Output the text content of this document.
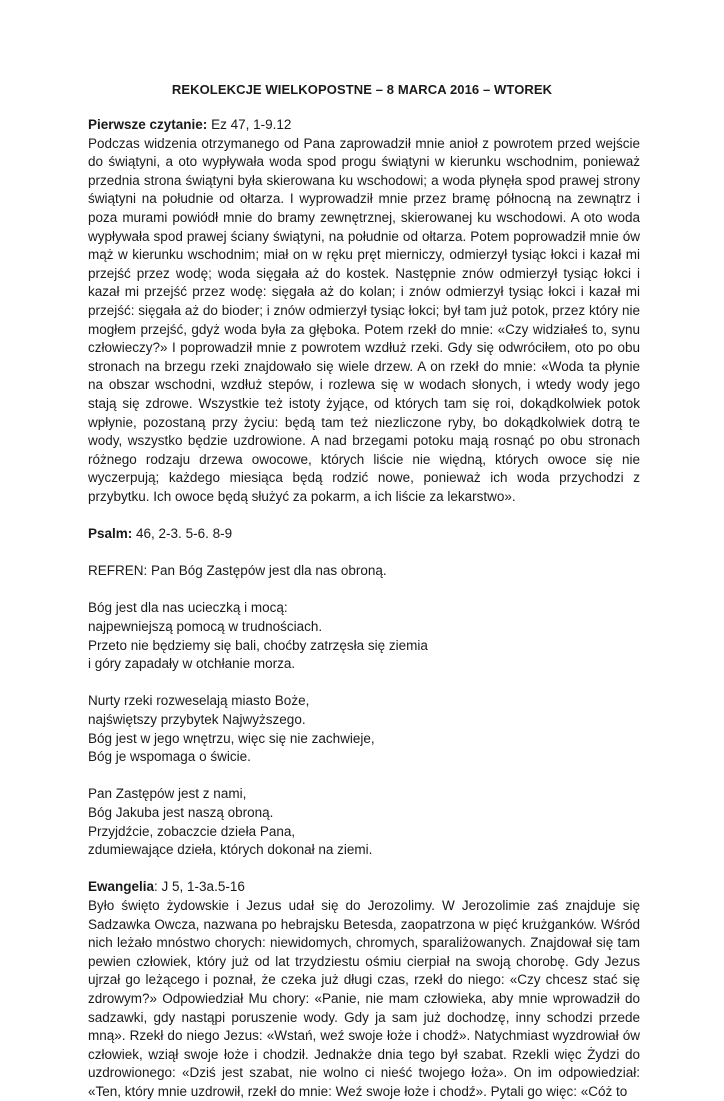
REKOLEKCJE WIELKOPOSTNE – 8 MARCA 2016 – WTOREK

Pierwsze czytanie: Ez 47, 1-9.12

Podczas widzenia otrzymanego od Pana zaprowadził mnie anioł z powrotem przed wejście do świątyni, a oto wypływała woda spod progu świątyni w kierunku wschodnim, ponieważ przednia strona świątyni była skierowana ku wschodowi; a woda płynęła spod prawej strony świątyni na południe od ołtarza. I wyprowadził mnie przez bramę północną na zewnątrz i poza murami powiódł mnie do bramy zewnętrznej, skierowanej ku wschodowi. A oto woda wypływała spod prawej ściany świątyni, na południe od ołtarza. Potem poprowadził mnie ów mąż w kierunku wschodnim; miał on w ręku pręt mierniczy, odmierzył tysiąc łokci i kazał mi przejść przez wodę; woda sięgała aż do kostek. Następnie znów odmierzył tysiąc łokci i kazał mi przejść przez wodę: sięgała aż do kolan; i znów odmierzył tysiąc łokci i kazał mi przejść: sięgała aż do bioder; i znów odmierzył tysiąc łokci; był tam już potok, przez który nie mogłem przejść, gdyż woda była za głęboka. Potem rzekł do mnie: «Czy widziałeś to, synu człowieczy?» I poprowadził mnie z powrotem wzdłuż rzeki. Gdy się odwróciłem, oto po obu stronach na brzegu rzeki znajdowało się wiele drzew. A on rzekł do mnie: «Woda ta płynie na obszar wschodni, wzdłuż stepów, i rozlewa się w wodach słonych, i wtedy wody jego stają się zdrowe. Wszystkie też istoty żyjące, od których tam się roi, dokądkolwiek potok wpłynie, pozostaną przy życiu: będą tam też niezliczone ryby, bo dokądkolwiek dotrą te wody, wszystko będzie uzdrowione. A nad brzegami potoku mają rosnąć po obu stronach różnego rodzaju drzewa owocowe, których liście nie więdną, których owoce się nie wyczerpują; każdego miesiąca będą rodzić nowe, ponieważ ich woda przychodzi z przybytku. Ich owoce będą służyć za pokarm, a ich liście za lekarstwo».

Psalm: 46, 2-3. 5-6. 8-9

REFREN: Pan Bóg Zastępów jest dla nas obroną.

Bóg jest dla nas ucieczką i mocą:
najpewniejszą pomocą w trudnościach.
Przeto nie będziemy się bali, choćby zatrzęsła się ziemia
i góry zapadały w otchłanie morza.

Nurty rzeki rozweselają miasto Boże,
najświętszy przybytek Najwyższego.
Bóg jest w jego wnętrzu, więc się nie zachwieje,
Bóg je wspomaga o świcie.

Pan Zastępów jest z nami,
Bóg Jakuba jest naszą obroną.
Przyjdźcie, zobaczcie dzieła Pana,
zdumiewające dzieła, których dokonał na ziemi.

Ewangelia: J 5, 1-3a.5-16

Było święto żydowskie i Jezus udał się do Jerozolimy. W Jerozolimie zaś znajduje się Sadzawka Owcza, nazwana po hebrajsku Betesda, zaopatrzona w pięć krużganków. Wśród nich leżało mnóstwo chorych: niewidomych, chromych, sparaliżowanych. Znajdował się tam pewien człowiek, który już od lat trzydziestu ośmiu cierpiał na swoją chorobę. Gdy Jezus ujrzał go leżącego i poznał, że czeka już długi czas, rzekł do niego: «Czy chcesz stać się zdrowym?» Odpowiedział Mu chory: «Panie, nie mam człowieka, aby mnie wprowadził do sadzawki, gdy nastąpi poruszenie wody. Gdy ja sam już dochodzę, inny schodzi przede mną». Rzekł do niego Jezus: «Wstań, weź swoje łoże i chodź». Natychmiast wyzdrowiał ów człowiek, wziął swoje łoże i chodził. Jednakże dnia tego był szabat. Rzekli więc Żydzi do uzdrowionego: «Dziś jest szabat, nie wolno ci nieść twojego łoża». On im odpowiedział: «Ten, który mnie uzdrowił, rzekł do mnie: Weź swoje łoże i chodź». Pytali go więc: «Cóż to
